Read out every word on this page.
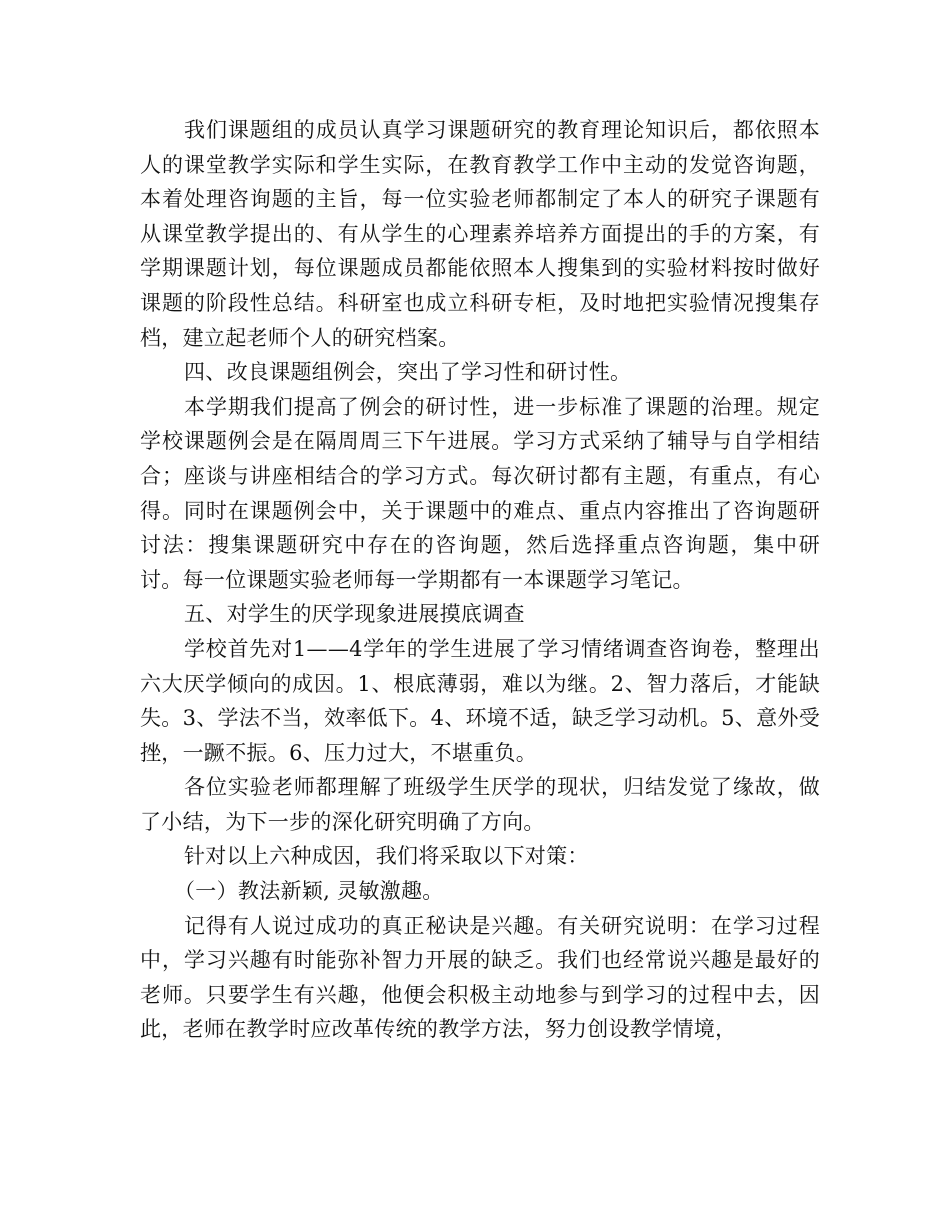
我们课题组的成员认真学习课题研究的教育理论知识后，都依照本人的课堂教学实际和学生实际，在教育教学工作中主动的发觉咨询题，本着处理咨询题的主旨，每一位实验老师都制定了本人的研究子课题有从课堂教学提出的、有从学生的心理素养培养方面提出的手的方案，有学期课题计划，每位课题成员都能依照本人搜集到的实验材料按时做好课题的阶段性总结。科研室也成立科研专柜，及时地把实验情况搜集存档，建立起老师个人的研究档案。

四、改良课题组例会，突出了学习性和研讨性。

本学期我们提高了例会的研讨性，进一步标准了课题的治理。规定学校课题例会是在隔周周三下午进展。学习方式采纳了辅导与自学相结合；座谈与讲座相结合的学习方式。每次研讨都有主题，有重点，有心得。同时在课题例会中，关于课题中的难点、重点内容推出了咨询题研讨法：搜集课题研究中存在的咨询题，然后选择重点咨询题，集中研讨。每一位课题实验老师每一学期都有一本课题学习笔记。

五、对学生的厌学现象进展摸底调查

学校首先对1——4学年的学生进展了学习情绪调查咨询卷，整理出六大厌学倾向的成因。1、根底薄弱，难以为继。2、智力落后，才能缺失。3、学法不当，效率低下。4、环境不适，缺乏学习动机。5、意外受挫，一蹶不振。6、压力过大，不堪重负。

各位实验老师都理解了班级学生厌学的现状，归结发觉了缘故，做了小结，为下一步的深化研究明确了方向。

针对以上六种成因，我们将采取以下对策：

（一）教法新颖, 灵敏激趣。

记得有人说过成功的真正秘诀是兴趣。有关研究说明：在学习过程中，学习兴趣有时能弥补智力开展的缺乏。我们也经常说兴趣是最好的老师。只要学生有兴趣，他便会积极主动地参与到学习的过程中去，因此，老师在教学时应改革传统的教学方法，努力创设教学情境，
